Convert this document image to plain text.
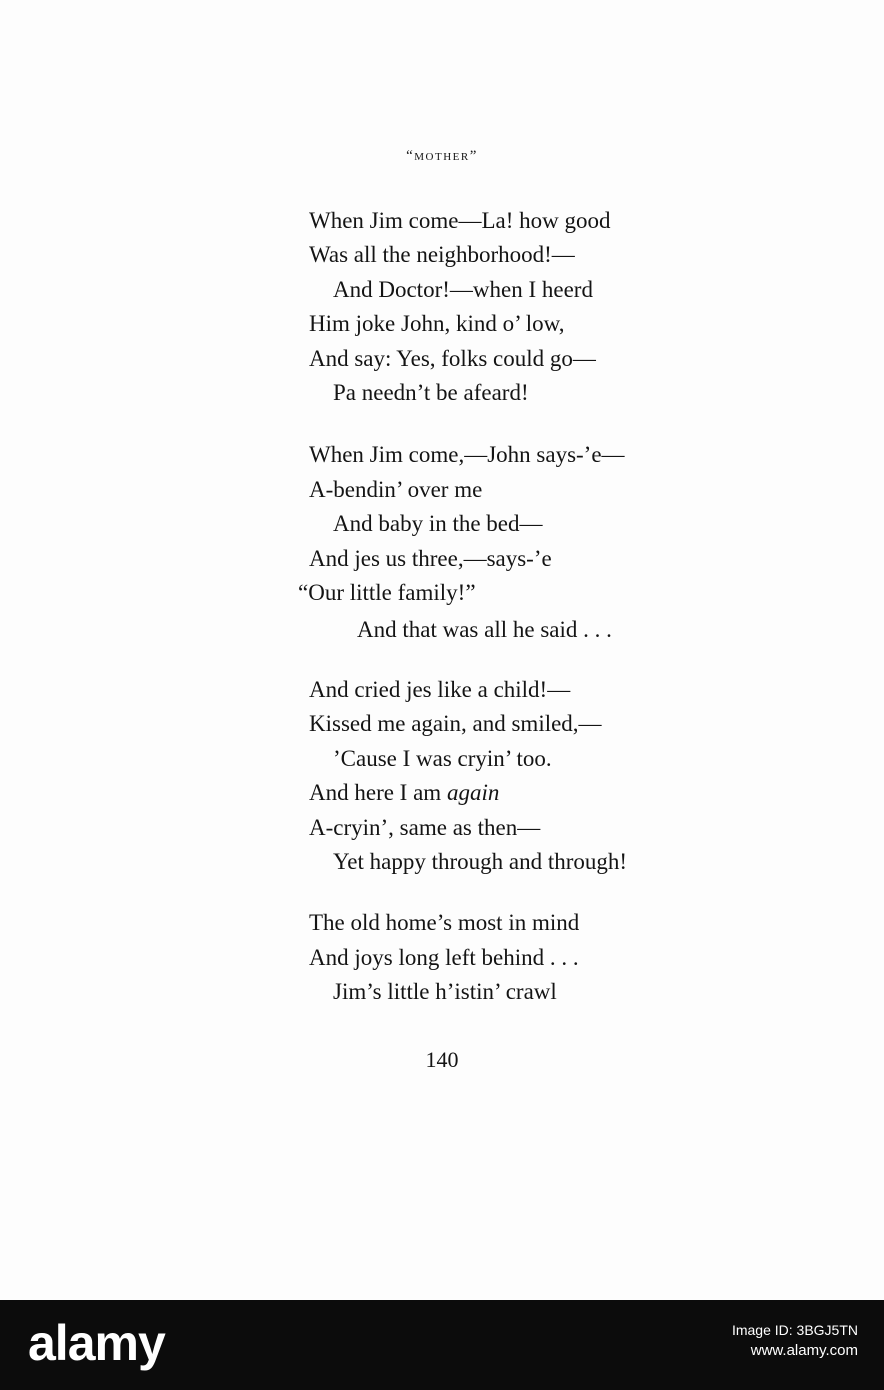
“mother”
When Jim come—La! how good
Was all the neighborhood!—
And Doctor!—when I heerd
Him joke John, kind o’ low,
And say: Yes, folks could go—
Pa needn’t be afeard!
When Jim come,—John says-’e—
A-bendin’ over me
And baby in the bed—
And jes us three,—says-’e
“Our little family!”
And that was all he said . . .
And cried jes like a child!—
Kissed me again, and smiled,—
’Cause I was cryin’ too.
And here I am again
A-cryin’, same as then—
Yet happy through and through!
The old home’s most in mind
And joys long left behind . . .
Jim’s little h’istin’ crawl
140
alamy	Image ID: 3BGJ5TN
www.alamy.com
